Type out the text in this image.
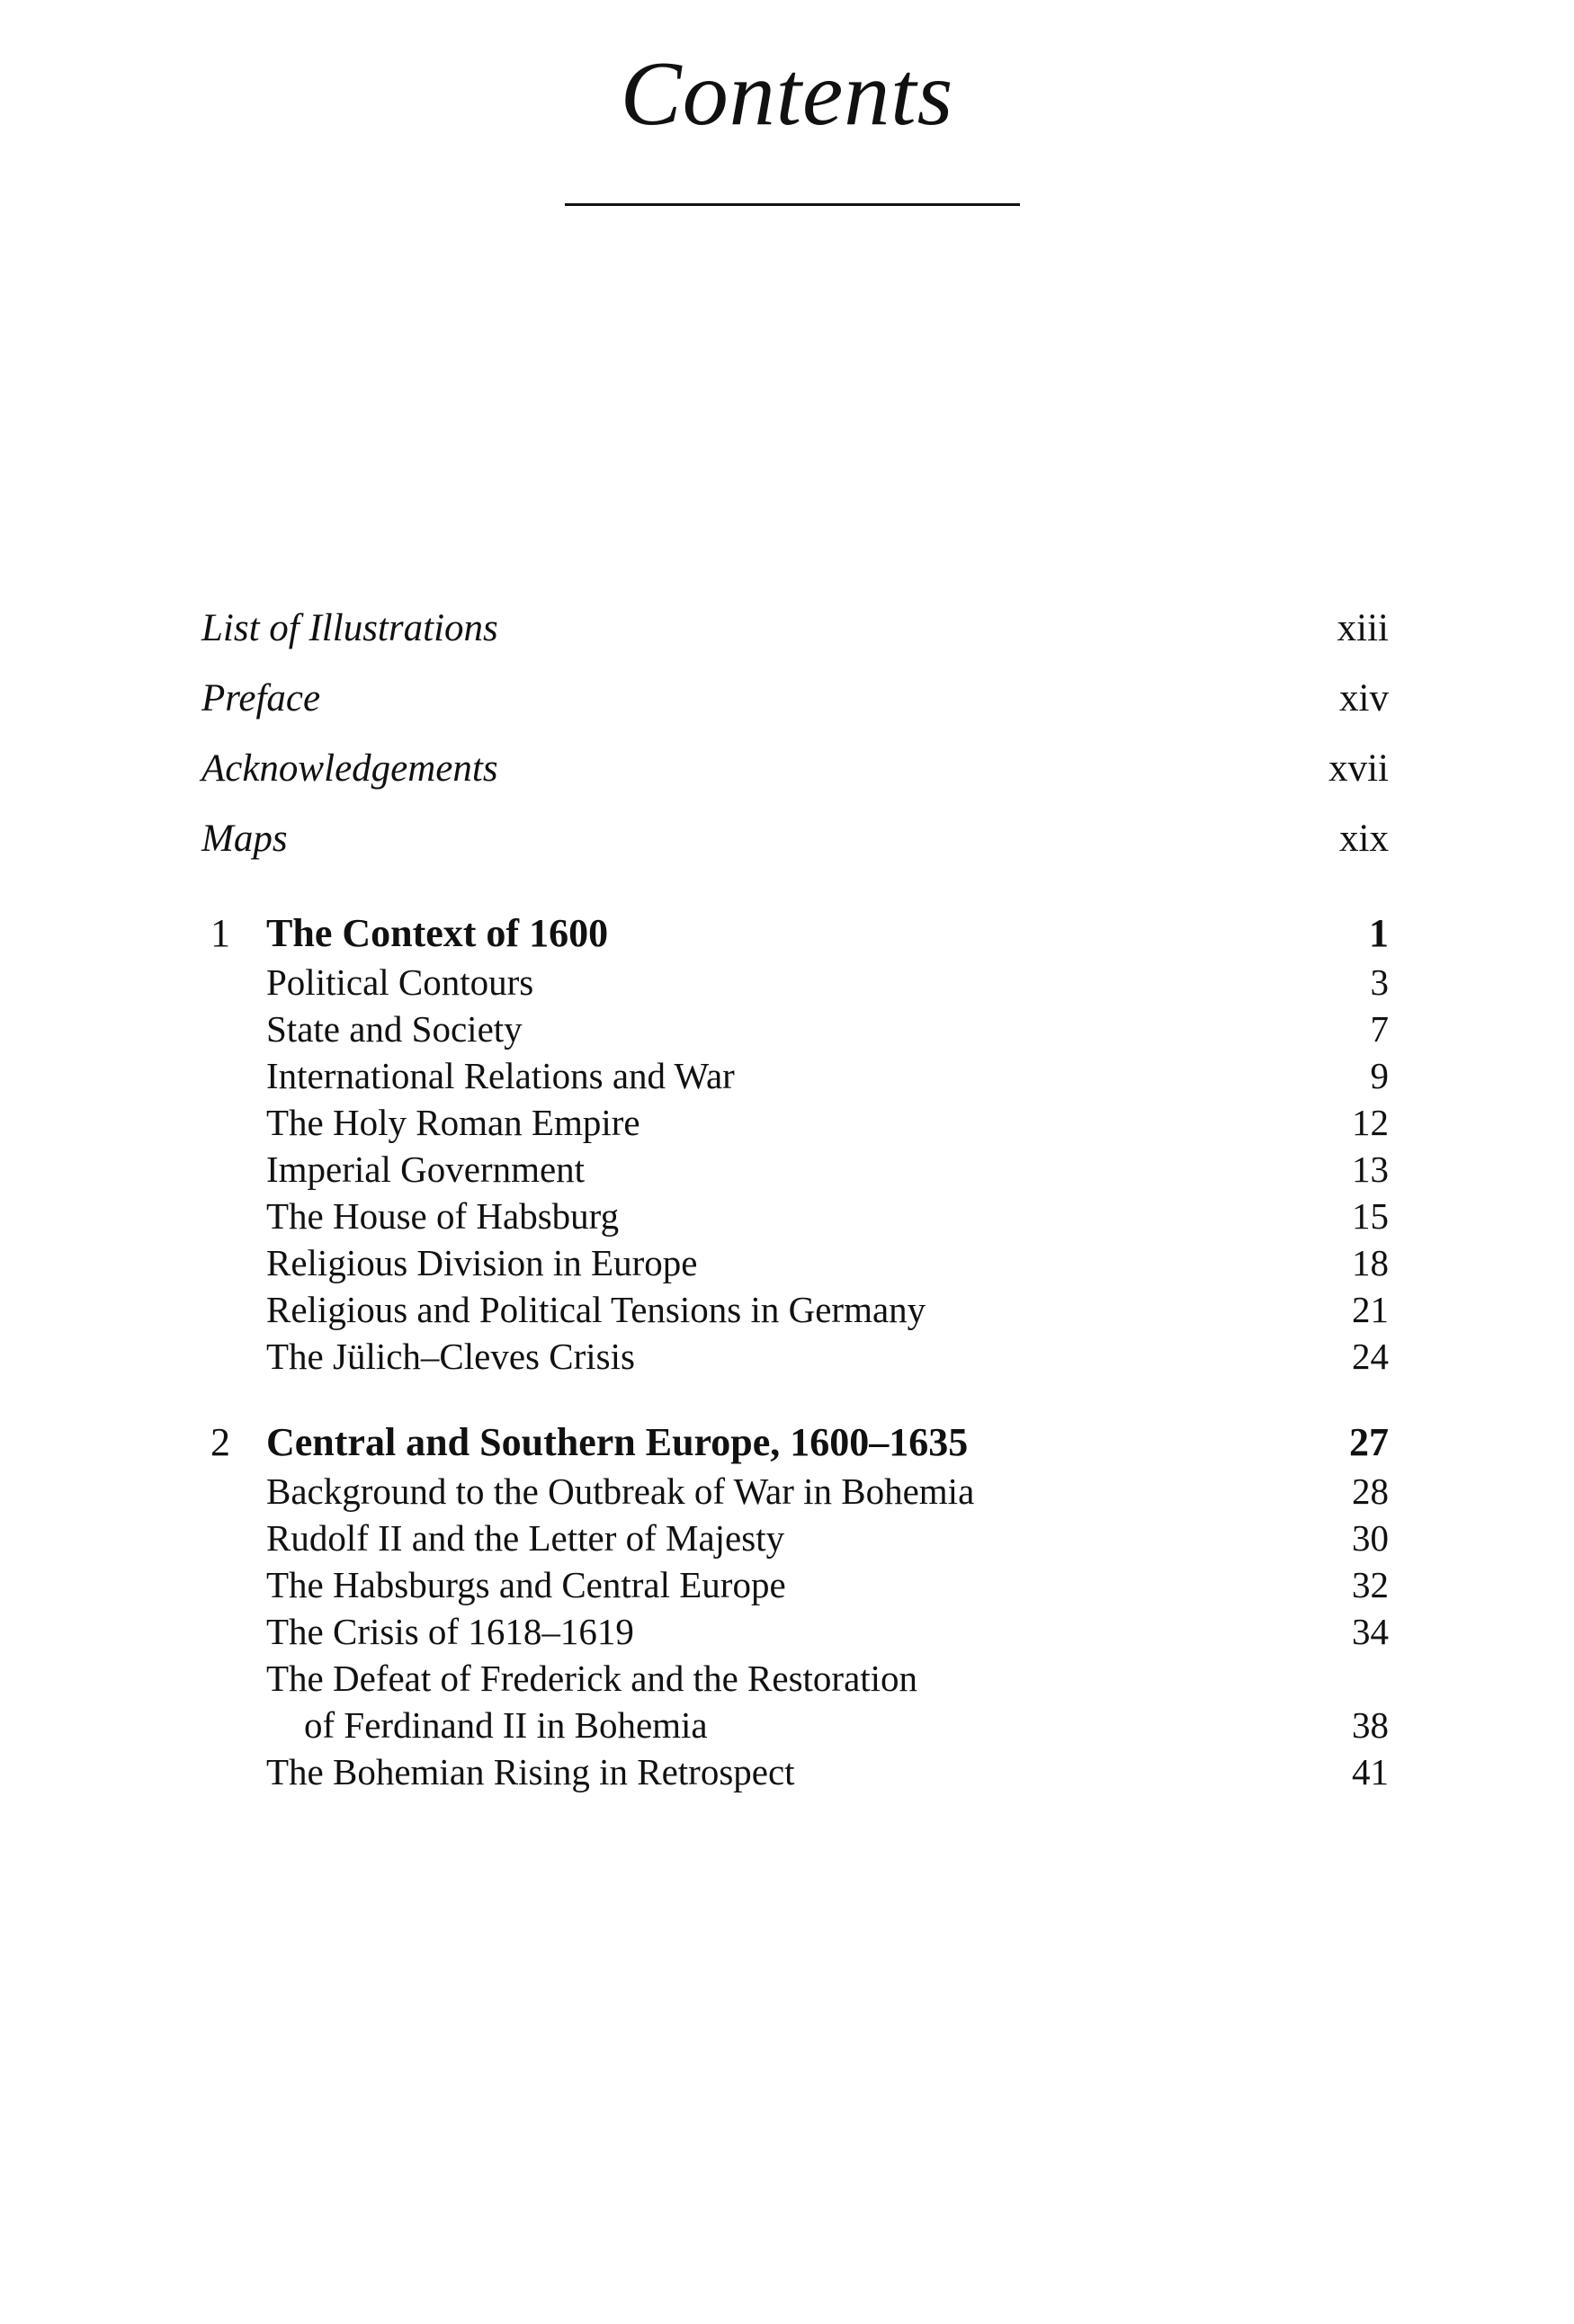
Contents
List of Illustrations	xiii
Preface	xiv
Acknowledgements	xvii
Maps	xix
1 The Context of 1600	1
Political Contours	3
State and Society	7
International Relations and War	9
The Holy Roman Empire	12
Imperial Government	13
The House of Habsburg	15
Religious Division in Europe	18
Religious and Political Tensions in Germany	21
The Jülich–Cleves Crisis	24
2 Central and Southern Europe, 1600–1635	27
Background to the Outbreak of War in Bohemia	28
Rudolf II and the Letter of Majesty	30
The Habsburgs and Central Europe	32
The Crisis of 1618–1619	34
The Defeat of Frederick and the Restoration
of Ferdinand II in Bohemia	38
The Bohemian Rising in Retrospect	41
